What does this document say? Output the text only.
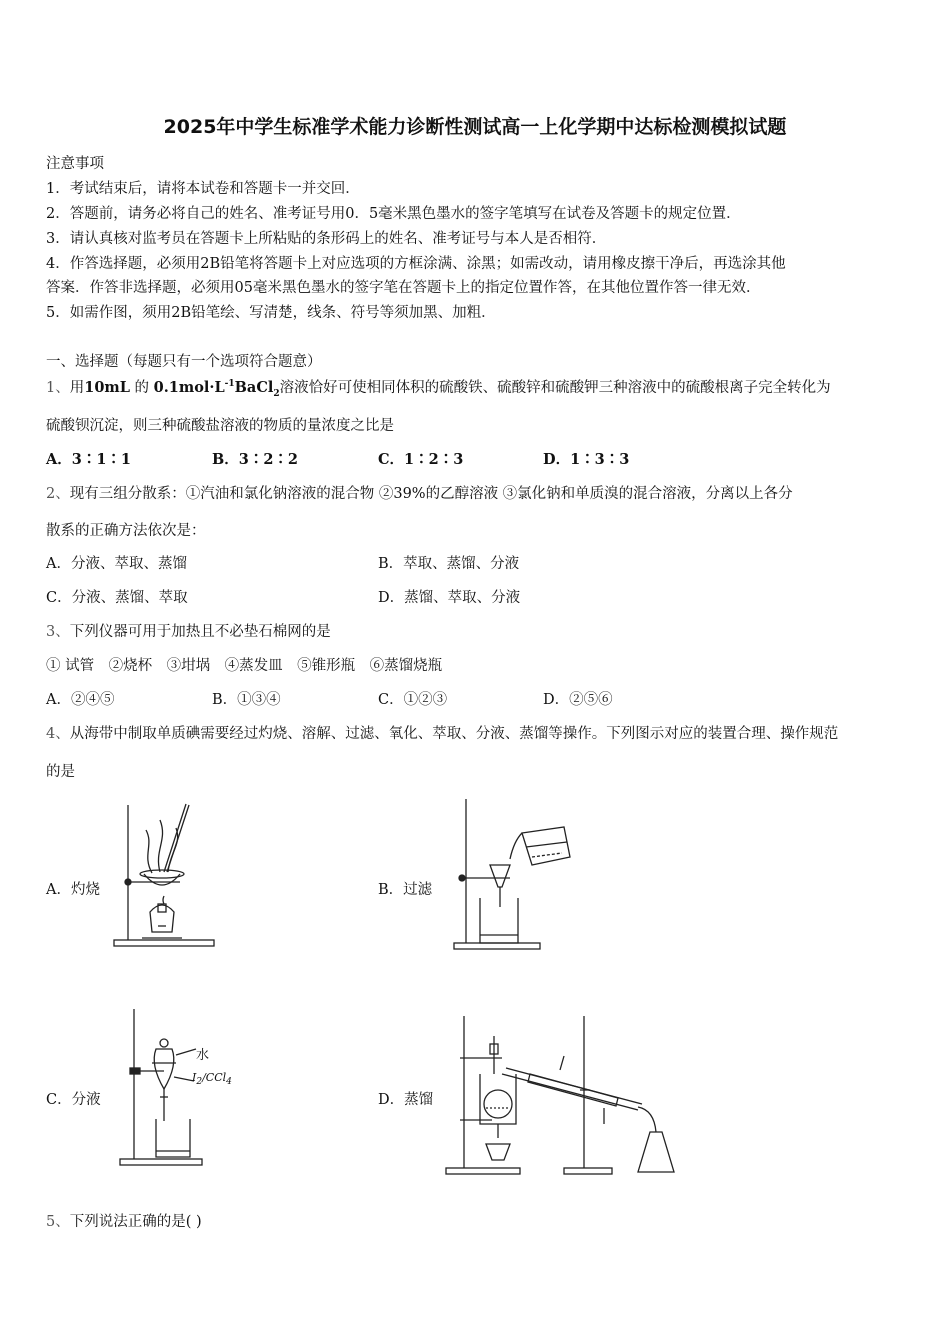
2025年中学生标准学术能力诊断性测试高一上化学期中达标检测模拟试题
注意事项
1．考试结束后，请将本试卷和答题卡一并交回．
2．答题前，请务必将自己的姓名、准考证号用0．5毫米黑色墨水的签字笔填写在试卷及答题卡的规定位置．
3．请认真核对监考员在答题卡上所粘贴的条形码上的姓名、准考证号与本人是否相符．
4．作答选择题，必须用2B铅笔将答题卡上对应选项的方框涂满、涂黑；如需改动，请用橡皮擦干净后，再选涂其他
答案．作答非选择题，必须用05毫米黑色墨水的签字笔在答题卡上的指定位置作答，在其他位置作答一律无效．
5．如需作图，须用2B铅笔绘、写清楚，线条、符号等须加黑、加粗．
一、选择题（每题只有一个选项符合题意）
1、用10mL 的 $0.1mol\cdot L^{-1}BaCl_2$溶液恰好可使相同体积的硫酸铁、硫酸锌和硫酸钾三种溶液中的硫酸根离子完全转化为
硫酸钡沉淀，则三种硫酸盐溶液的物质的量浓度之比是
A．3∶1∶1	B．3∶2∶2	C．1∶2∶3	D．1∶3∶3
2、现有三组分散系：①汽油和氯化钠溶液的混合物 ②39%的乙醇溶液 ③氯化钠和单质溴的混合溶液，分离以上各分
散系的正确方法依次是：
A．分液、萃取、蒸馏	B．萃取、蒸馏、分液
C．分液、蒸馏、萃取	D．蒸馏、萃取、分液
3、下列仪器可用于加热且不必垫石棉网的是
① 试管　②烧杯　③坩埚　④蒸发皿　⑤锥形瓶　⑥蒸馏烧瓶
A．②④⑤	B．①③④	C．①②③	D．②⑤⑥
4、从海带中制取单质碘需要经过灼烧、溶解、过滤、氧化、萃取、分液、蒸馏等操作。下列图示对应的装置合理、操作规范
的是
A．灼烧	B．过滤
C．分液	D．蒸馏
水
$I_2/CCl_4$
5、下列说法正确的是( )
